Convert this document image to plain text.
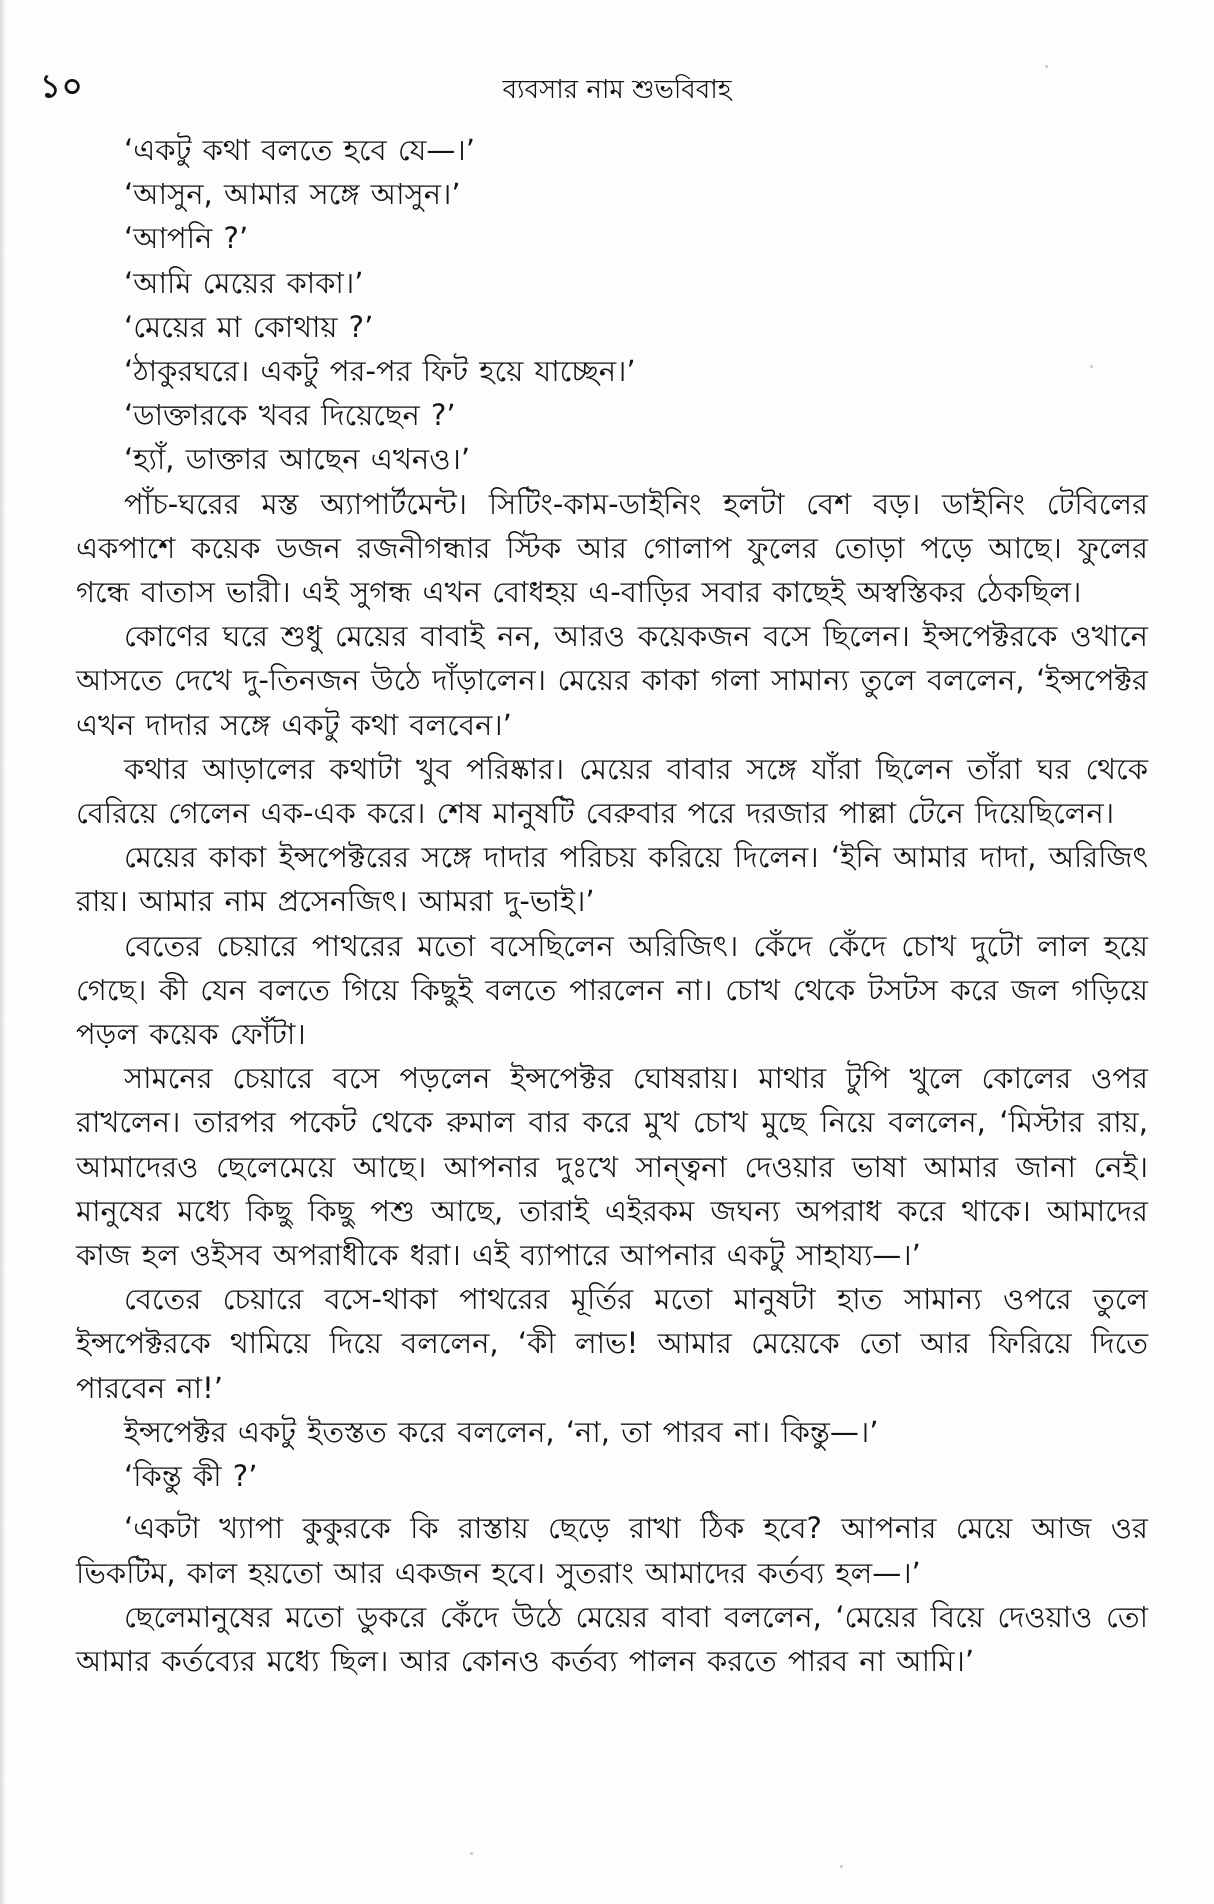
১০	ব্যবসার নাম শুভবিবাহ

‘একটু কথা বলতে হবে যে—।’

‘আসুন, আমার সঙ্গে আসুন।’

‘আপনি ?’

‘আমি মেয়ের কাকা।’

‘মেয়ের মা কোথায় ?’

‘ঠাকুরঘরে। একটু পর-পর ফিট হয়ে যাচ্ছেন।’

‘ডাক্তারকে খবর দিয়েছেন ?’

‘হ্যাঁ, ডাক্তার আছেন এখনও।’

পাঁচ-ঘরের মস্ত অ্যাপার্টমেন্ট। সিটিং-কাম-ডাইনিং হলটা বেশ বড়। ডাইনিং টেবিলের একপাশে কয়েক ডজন রজনীগন্ধার স্টিক আর গোলাপ ফুলের তোড়া পড়ে আছে। ফুলের গন্ধে বাতাস ভারী। এই সুগন্ধ এখন বোধহয় এ-বাড়ির সবার কাছেই অস্বস্তিকর ঠেকছিল।

কোণের ঘরে শুধু মেয়ের বাবাই নন, আরও কয়েকজন বসে ছিলেন। ইন্সপেক্টরকে ওখানে আসতে দেখে দু-তিনজন উঠে দাঁড়ালেন। মেয়ের কাকা গলা সামান্য তুলে বললেন, ‘ইন্সপেক্টর এখন দাদার সঙ্গে একটু কথা বলবেন।’

কথার আড়ালের কথাটা খুব পরিষ্কার। মেয়ের বাবার সঙ্গে যাঁরা ছিলেন তাঁরা ঘর থেকে বেরিয়ে গেলেন এক-এক করে। শেষ মানুষটি বেরুবার পরে দরজার পাল্লা টেনে দিয়েছিলেন।

মেয়ের কাকা ইন্সপেক্টরের সঙ্গে দাদার পরিচয় করিয়ে দিলেন। ‘ইনি আমার দাদা, অরিজিৎ রায়। আমার নাম প্রসেনজিৎ। আমরা দু-ভাই।’

বেতের চেয়ারে পাথরের মতো বসেছিলেন অরিজিৎ। কেঁদে কেঁদে চোখ দুটো লাল হয়ে গেছে। কী যেন বলতে গিয়ে কিছুই বলতে পারলেন না। চোখ থেকে টসটস করে জল গড়িয়ে পড়ল কয়েক ফোঁটা।

সামনের চেয়ারে বসে পড়লেন ইন্সপেক্টর ঘোষরায়। মাথার টুপি খুলে কোলের ওপর রাখলেন। তারপর পকেট থেকে রুমাল বার করে মুখ চোখ মুছে নিয়ে বললেন, ‘মিস্টার রায়, আমাদেরও ছেলেমেয়ে আছে। আপনার দুঃখে সান্ত্বনা দেওয়ার ভাষা আমার জানা নেই। মানুষের মধ্যে কিছু কিছু পশু আছে, তারাই এইরকম জঘন্য অপরাধ করে থাকে। আমাদের কাজ হল ওইসব অপরাধীকে ধরা। এই ব্যাপারে আপনার একটু সাহায্য—।’

বেতের চেয়ারে বসে-থাকা পাথরের মূর্তির মতো মানুষটা হাত সামান্য ওপরে তুলে ইন্সপেক্টরকে থামিয়ে দিয়ে বললেন, ‘কী লাভ! আমার মেয়েকে তো আর ফিরিয়ে দিতে পারবেন না!’

ইন্সপেক্টর একটু ইতস্তত করে বললেন, ‘না, তা পারব না। কিন্তু—।’

‘কিন্তু কী ?’

‘একটা খ্যাপা কুকুরকে কি রাস্তায় ছেড়ে রাখা ঠিক হবে? আপনার মেয়ে আজ ওর ভিকটিম, কাল হয়তো আর একজন হবে। সুতরাং আমাদের কর্তব্য হল—।’

ছেলেমানুষের মতো ডুকরে কেঁদে উঠে মেয়ের বাবা বললেন, ‘মেয়ের বিয়ে দেওয়াও তো আমার কর্তব্যের মধ্যে ছিল। আর কোনও কর্তব্য পালন করতে পারব না আমি।’
